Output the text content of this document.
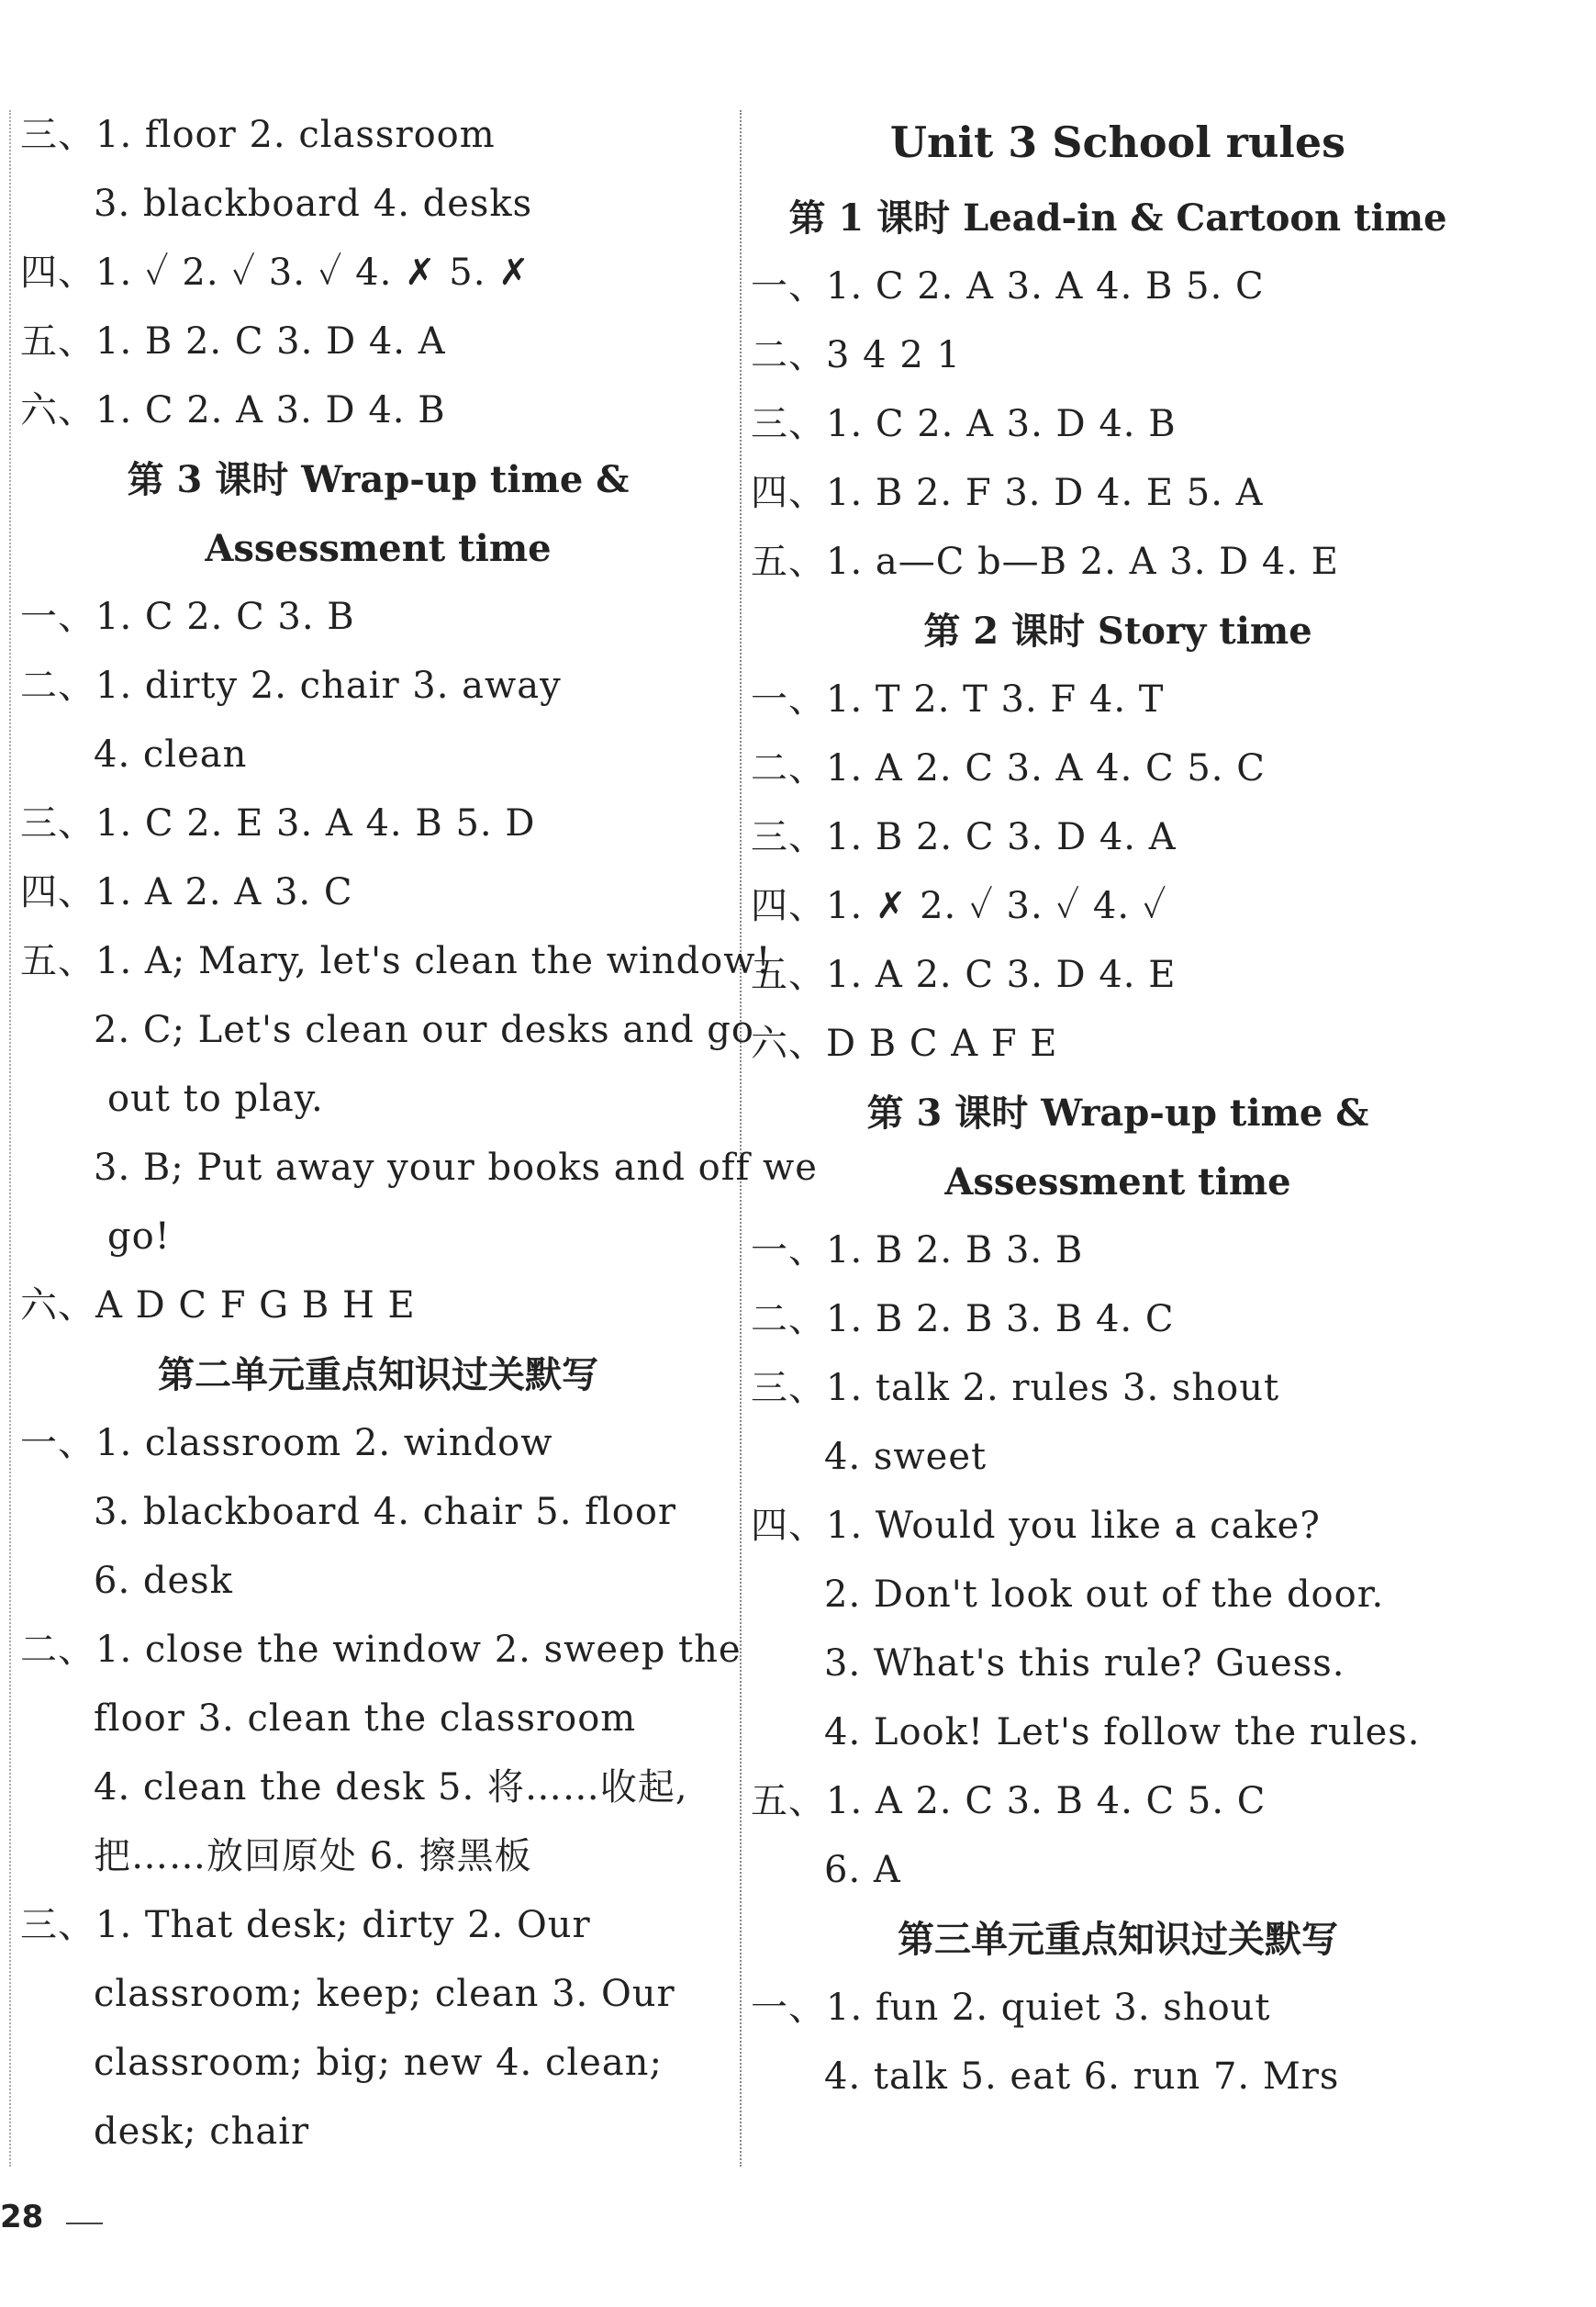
三、1. floor 2. classroom
3. blackboard 4. desks
四、1. ✓ 2. ✓ 3. ✓ 4. ✗ 5. ✗
五、1. B 2. C 3. D 4. A
六、1. C 2. A 3. D 4. B
第 3 课时 Wrap-up time &
Assessment time
一、1. C 2. C 3. B
二、1. dirty 2. chair 3. away
4. clean
三、1. C 2. E 3. A 4. B 5. D
四、1. A 2. A 3. C
五、1. A; Mary, let's clean the window!
2. C; Let's clean our desks and go
out to play.
3. B; Put away your books and off we
go!
六、A D C F G B H E
第二单元重点知识过关默写
一、1. classroom 2. window
3. blackboard 4. chair 5. floor
6. desk
二、1. close the window 2. sweep the
floor 3. clean the classroom
4. clean the desk 5. 将……收起,
把……放回原处 6. 擦黑板
三、1. That desk; dirty 2. Our
classroom; keep; clean 3. Our
classroom; big; new 4. clean;
desk; chair
Unit 3 School rules
第 1 课时 Lead-in & Cartoon time
一、1. C 2. A 3. A 4. B 5. C
二、3 4 2 1
三、1. C 2. A 3. D 4. B
四、1. B 2. F 3. D 4. E 5. A
五、1. a—C b—B 2. A 3. D 4. E
第 2 课时 Story time
一、1. T 2. T 3. F 4. T
二、1. A 2. C 3. A 4. C 5. C
三、1. B 2. C 3. D 4. A
四、1. ✗ 2. ✓ 3. ✓ 4. ✓
五、1. A 2. C 3. D 4. E
六、D B C A F E
第 3 课时 Wrap-up time &
Assessment time
一、1. B 2. B 3. B
二、1. B 2. B 3. B 4. C
三、1. talk 2. rules 3. shout
4. sweet
四、1. Would you like a cake?
2. Don't look out of the door.
3. What's this rule? Guess.
4. Look! Let's follow the rules.
五、1. A 2. C 3. B 4. C 5. C
6. A
第三单元重点知识过关默写
一、1. fun 2. quiet 3. shout
4. talk 5. eat 6. run 7. Mrs
28
